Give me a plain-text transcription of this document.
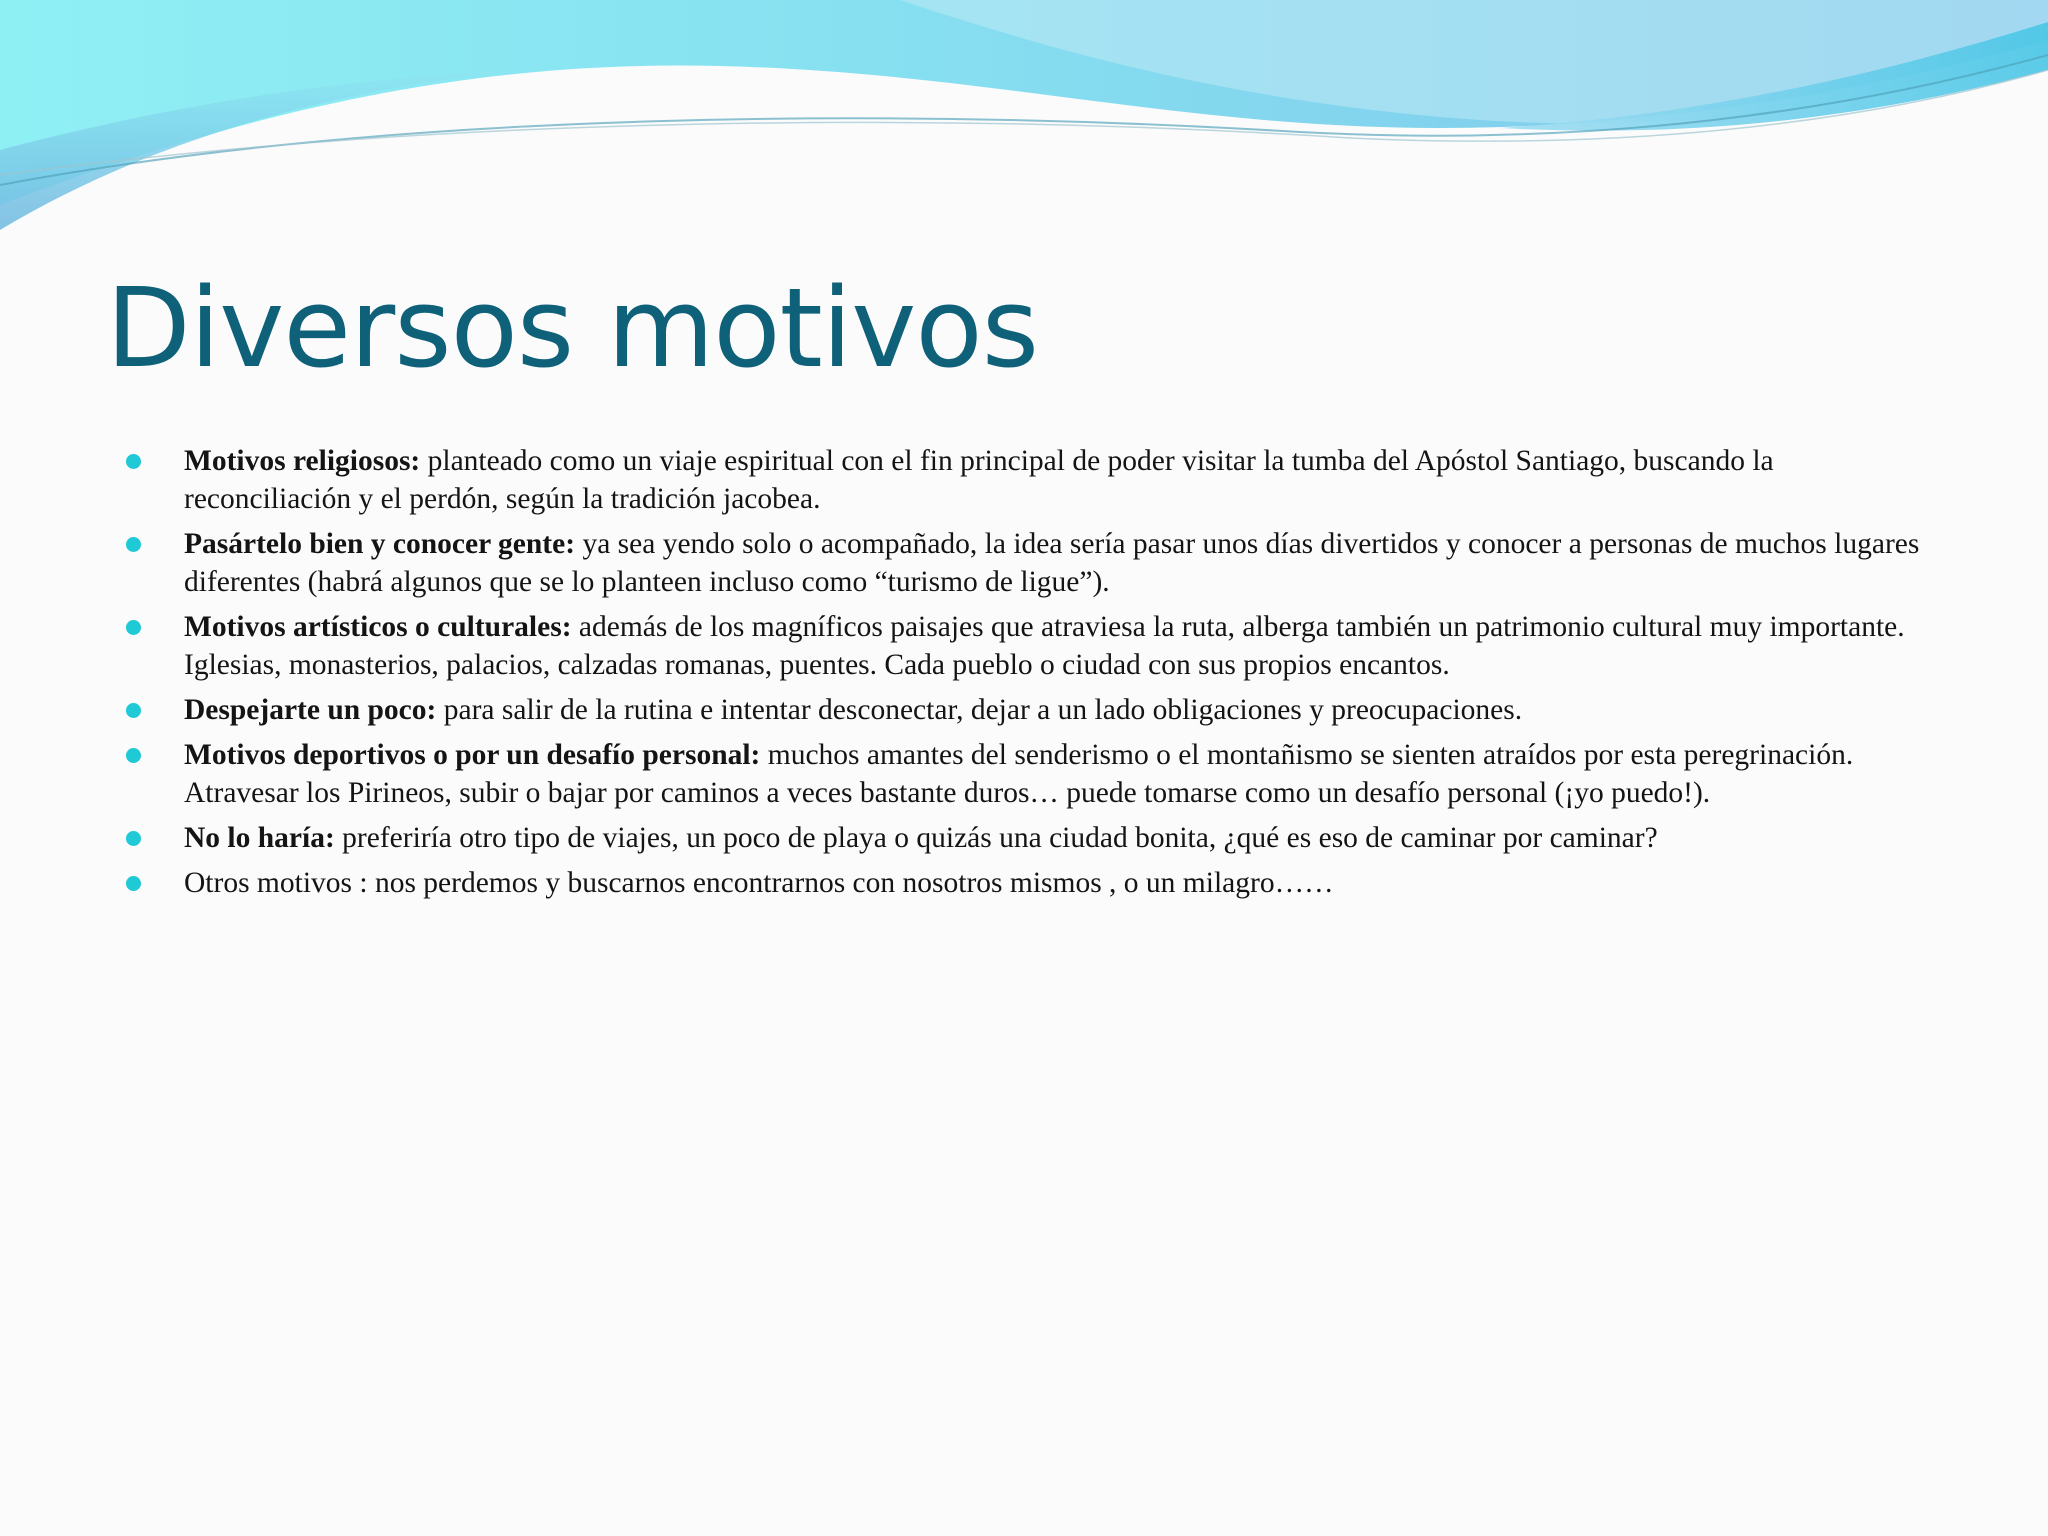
Diversos motivos
Motivos religiosos: planteado como un viaje espiritual con el fin principal de poder visitar la tumba del Apóstol Santiago, buscando la reconciliación y el perdón, según la tradición jacobea.
Pasártelo bien y conocer gente: ya sea yendo solo o acompañado, la idea sería pasar unos días divertidos y conocer a personas de muchos lugares diferentes (habrá algunos que se lo planteen incluso como “turismo de ligue”).
Motivos artísticos o culturales: además de los magníficos paisajes que atraviesa la ruta, alberga también un patrimonio cultural muy importante. Iglesias, monasterios, palacios, calzadas romanas, puentes. Cada pueblo o ciudad con sus propios encantos.
Despejarte un poco: para salir de la rutina e intentar desconectar, dejar a un lado obligaciones y preocupaciones.
Motivos deportivos o por un desafío personal: muchos amantes del senderismo o el montañismo se sienten atraídos por esta peregrinación. Atravesar los Pirineos, subir o bajar por caminos a veces bastante duros… puede tomarse como un desafío personal (¡yo puedo!).
No lo haría: preferiría otro tipo de viajes, un poco de playa o quizás una ciudad bonita, ¿qué es eso de caminar por caminar?
Otros motivos : nos perdemos y buscarnos encontrarnos con nosotros mismos , o un milagro……
